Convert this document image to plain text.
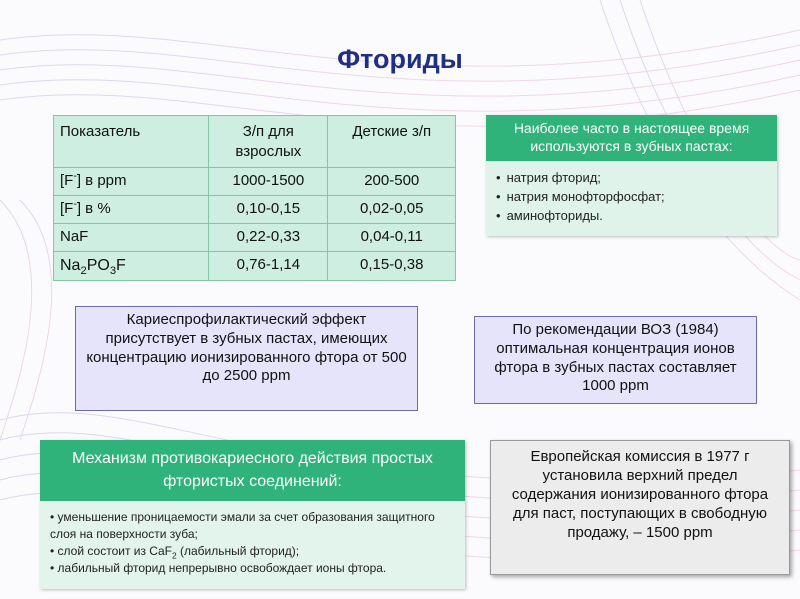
Фториды
Показатель	З/п для взрослых	Детские з/п
[F-] в ppm	1000-1500	200-500
[F-] в %	0,10-0,15	0,02-0,05
NaF	0,22-0,33	0,04-0,11
$Na_2PO_3F$	0,76-1,14	0,15-0,38
Наиболее часто в настоящее время используются в зубных пастах:
• натрия фторид;
• натрия монофторфосфат;
• аминофториды.
Кариеспрофилактический эффект присутствует в зубных пастах, имеющих концентрацию ионизированного фтора от 500 до 2500 ppm
По рекомендации ВОЗ (1984) оптимальная концентрация ионов фтора в зубных пастах составляет 1000 ppm
Механизм противокариесного действия простых фтористых соединений:
• уменьшение проницаемости эмали за счет образования защитного слоя на поверхности зуба;
• слой состоит из CaF$_2$ (лабильный фторид);
• лабильный фторид непрерывно освобождает ионы фтора.
Европейская комиссия в 1977 г установила верхний предел содержания ионизированного фтора для паст, поступающих в свободную продажу, – 1500 ppm
